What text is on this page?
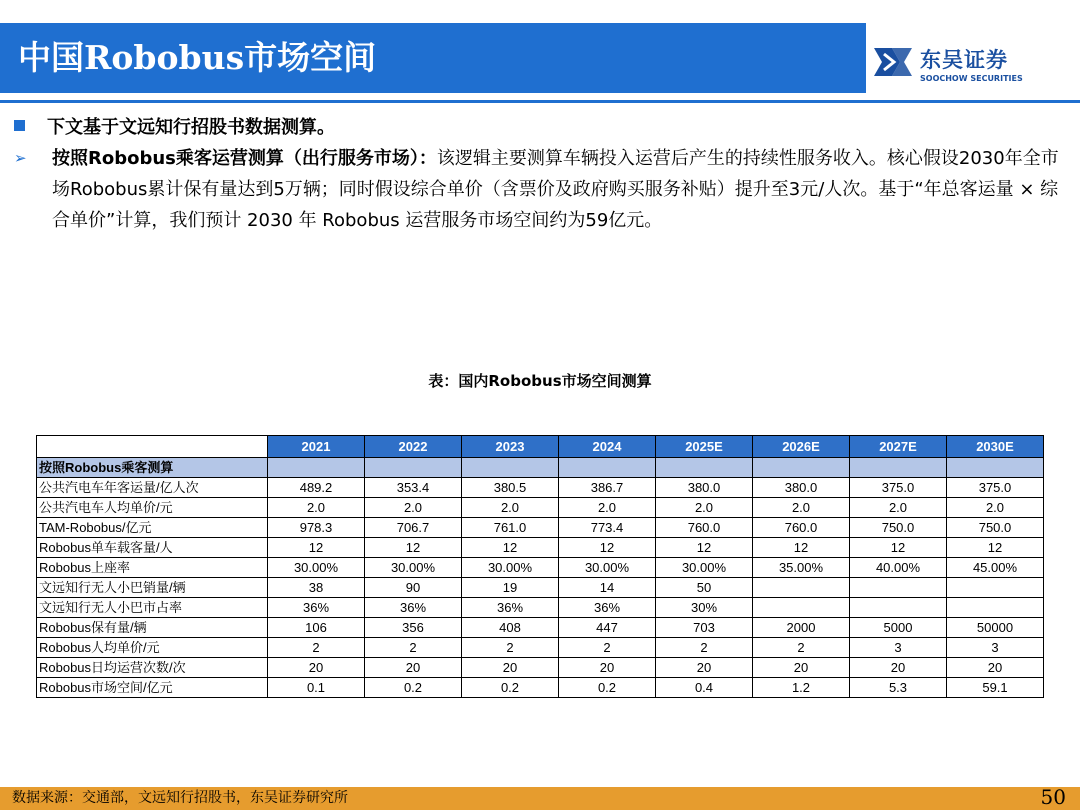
中国Robobus市场空间	东吴证券
SOOCHOW SECURITIES
下文基于文远知行招股书数据测算。
➢ 按照Robobus乘客运营测算（出行服务市场）：该逻辑主要测算车辆投入运营后产生的持续性服务收入。核心假设2030年全市场Robobus累计保有量达到5万辆；同时假设综合单价（含票价及政府购买服务补贴）提升至3元/人次。基于“年总客运量 × 综合单价”计算，我们预计 2030 年 Robobus 运营服务市场空间约为59亿元。
表：国内Robobus市场空间测算
	2021	2022	2023	2024	2025E	2026E	2027E	2030E
按照Robobus乘客测算								
公共汽电车年客运量/亿人次	489.2	353.4	380.5	386.7	380.0	380.0	375.0	375.0
公共汽电车人均单价/元	2.0	2.0	2.0	2.0	2.0	2.0	2.0	2.0
TAM-Robobus/亿元	978.3	706.7	761.0	773.4	760.0	760.0	750.0	750.0
Robobus单车载客量/人	12	12	12	12	12	12	12	12
Robobus上座率	30.00%	30.00%	30.00%	30.00%	30.00%	35.00%	40.00%	45.00%
文远知行无人小巴销量/辆	38	90	19	14	50			
文远知行无人小巴市占率	36%	36%	36%	36%	30%			
Robobus保有量/辆	106	356	408	447	703	2000	5000	50000
Robobus人均单价/元	2	2	2	2	2	2	3	3
Robobus日均运营次数/次	20	20	20	20	20	20	20	20
Robobus市场空间/亿元	0.1	0.2	0.2	0.2	0.4	1.2	5.3	59.1
数据来源：交通部，文远知行招股书，东吴证券研究所	50
